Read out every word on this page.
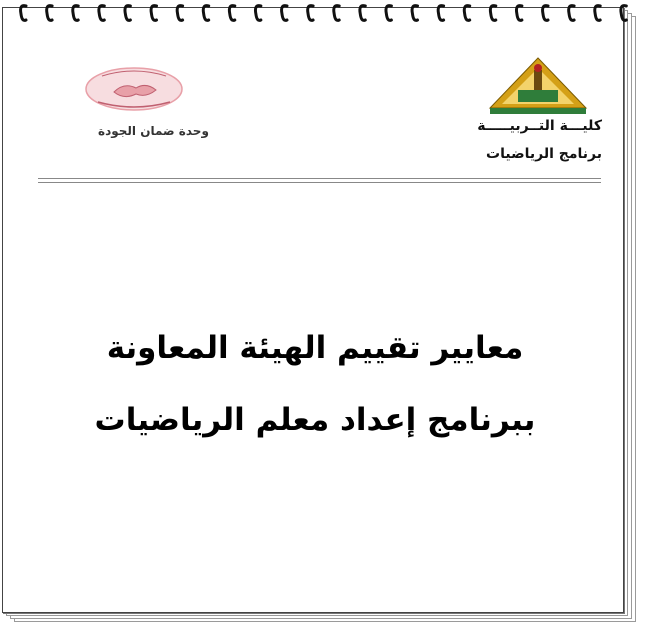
كليـــة التــربيـــــة
برنامج الرياضيات
وحدة ضمان الجودة
معايير تقييم الهيئة المعاونة
ببرنامج إعداد معلم الرياضيات
